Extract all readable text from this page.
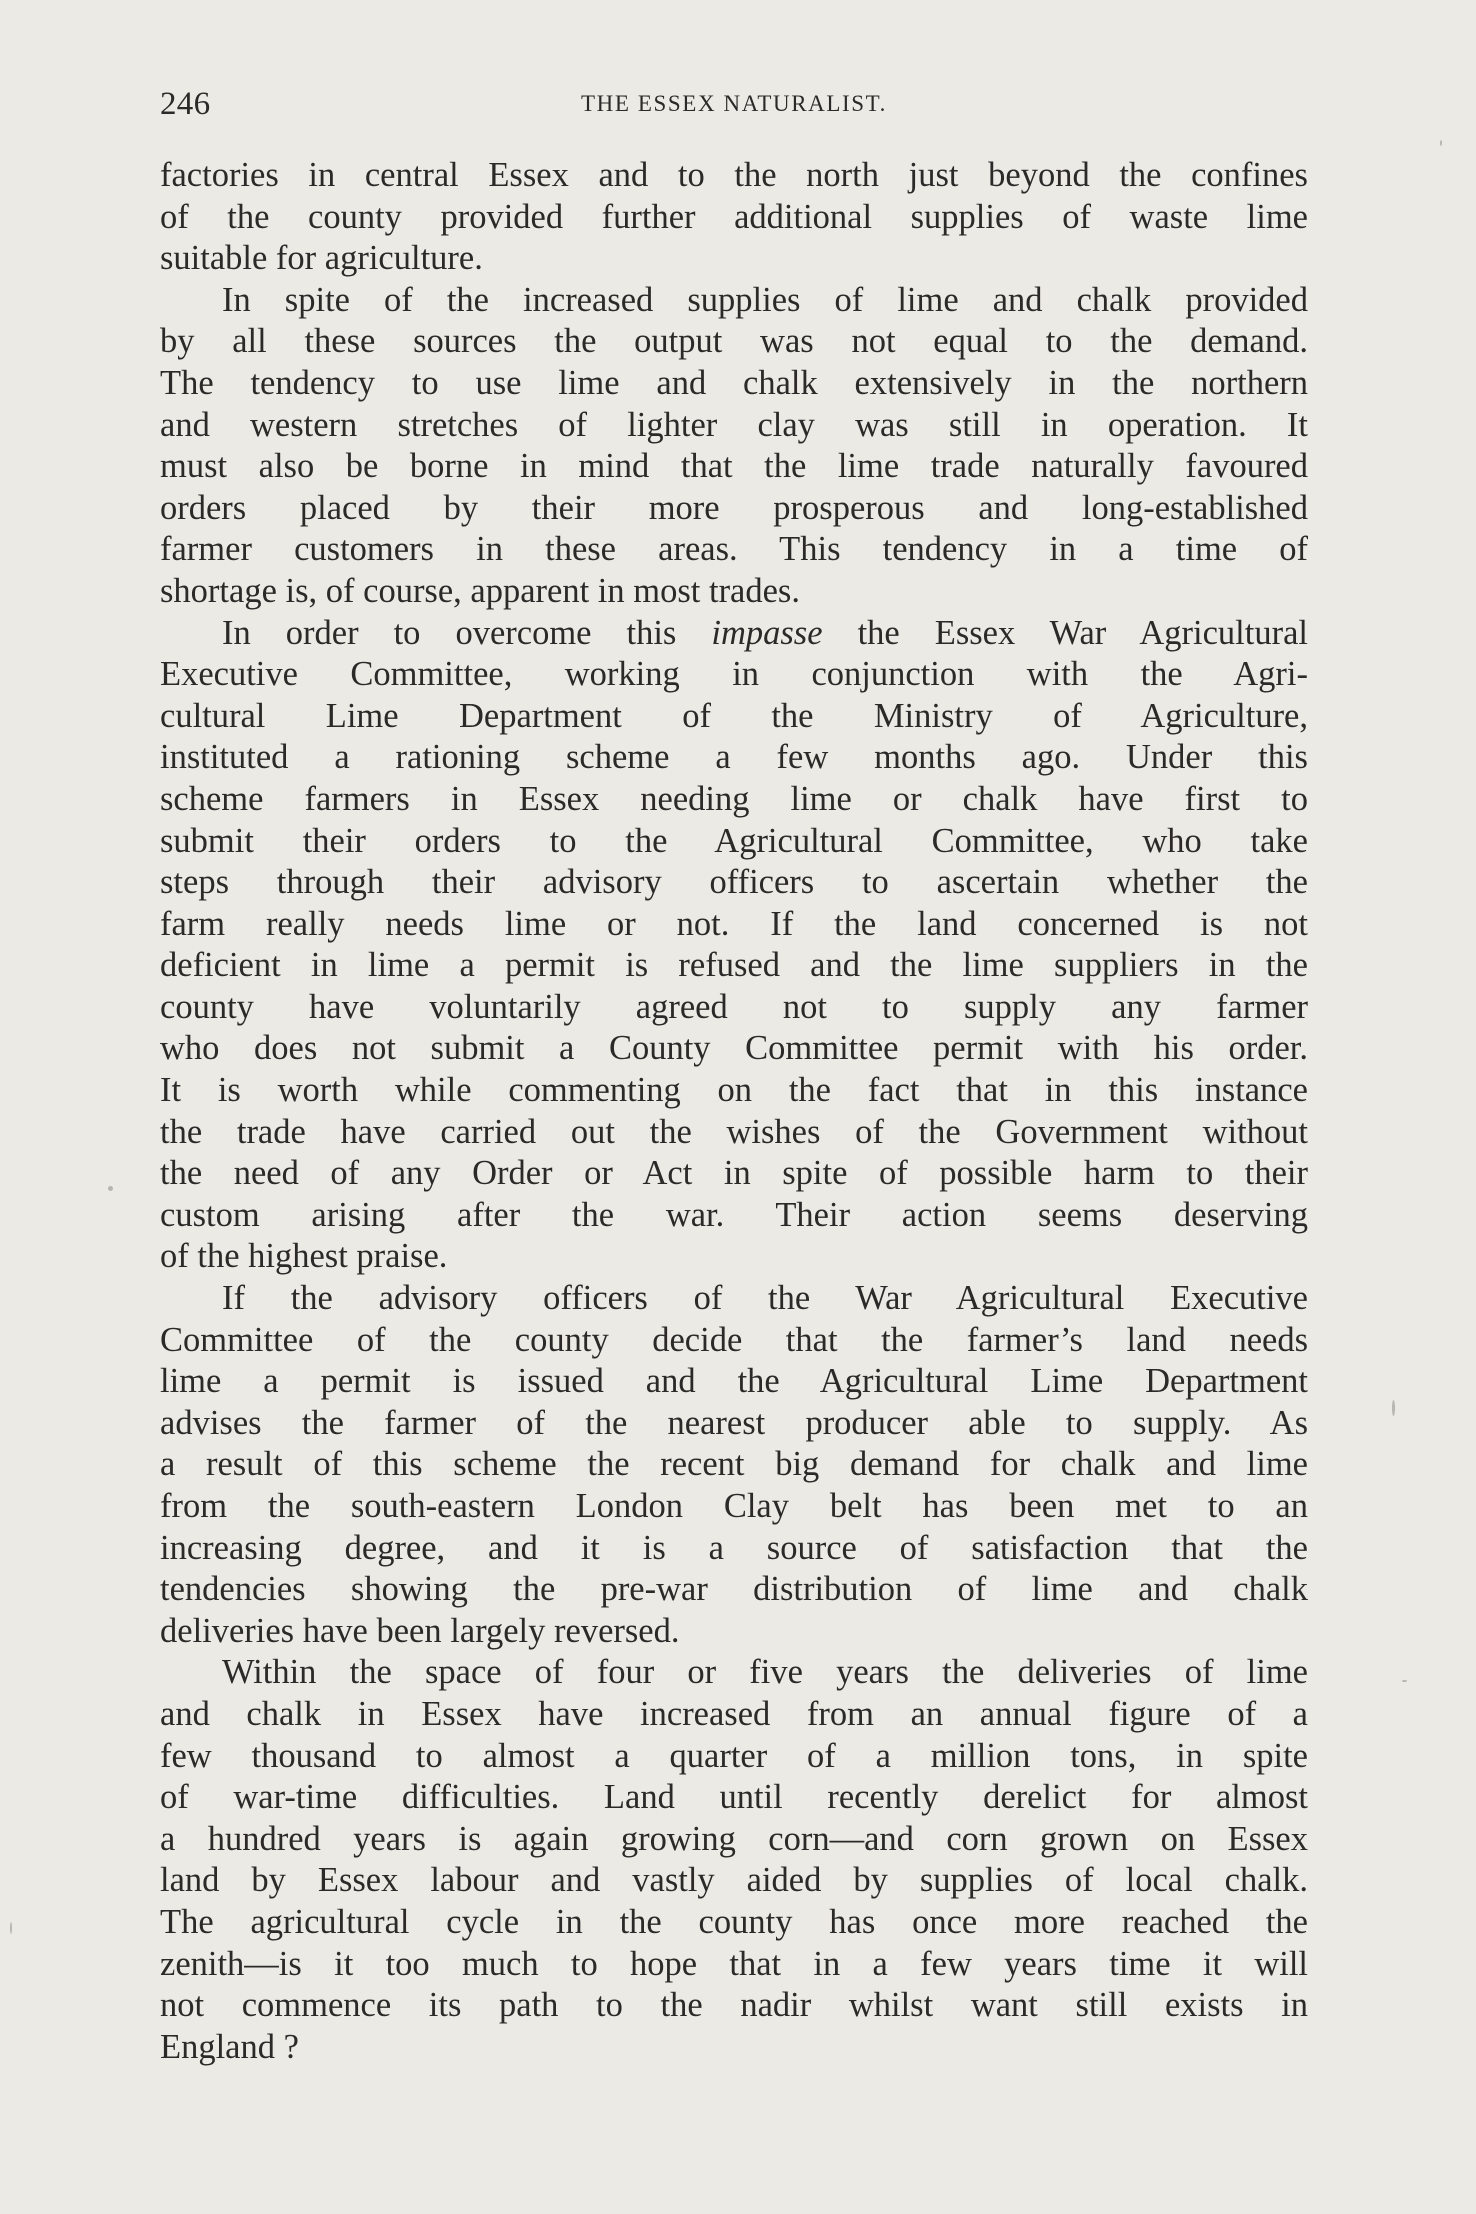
246	THE ESSEX NATURALIST.
factories in central Essex and to the north just beyond the confines
of the county provided further additional supplies of waste lime
suitable for agriculture.
In spite of the increased supplies of lime and chalk provided
by all these sources the output was not equal to the demand.
The tendency to use lime and chalk extensively in the northern
and western stretches of lighter clay was still in operation. It
must also be borne in mind that the lime trade naturally favoured
orders placed by their more prosperous and long-established
farmer customers in these areas. This tendency in a time of
shortage is, of course, apparent in most trades.
In order to overcome this impasse the Essex War Agricultural
Executive Committee, working in conjunction with the Agri-
cultural Lime Department of the Ministry of Agriculture,
instituted a rationing scheme a few months ago. Under this
scheme farmers in Essex needing lime or chalk have first to
submit their orders to the Agricultural Committee, who take
steps through their advisory officers to ascertain whether the
farm really needs lime or not. If the land concerned is not
deficient in lime a permit is refused and the lime suppliers in the
county have voluntarily agreed not to supply any farmer
who does not submit a County Committee permit with his order.
It is worth while commenting on the fact that in this instance
the trade have carried out the wishes of the Government without
the need of any Order or Act in spite of possible harm to their
custom arising after the war. Their action seems deserving
of the highest praise.
If the advisory officers of the War Agricultural Executive
Committee of the county decide that the farmer’s land needs
lime a permit is issued and the Agricultural Lime Department
advises the farmer of the nearest producer able to supply. As
a result of this scheme the recent big demand for chalk and lime
from the south-eastern London Clay belt has been met to an
increasing degree, and it is a source of satisfaction that the
tendencies showing the pre-war distribution of lime and chalk
deliveries have been largely reversed.
Within the space of four or five years the deliveries of lime
and chalk in Essex have increased from an annual figure of a
few thousand to almost a quarter of a million tons, in spite
of war-time difficulties. Land until recently derelict for almost
a hundred years is again growing corn—and corn grown on Essex
land by Essex labour and vastly aided by supplies of local chalk.
The agricultural cycle in the county has once more reached the
zenith—is it too much to hope that in a few years time it will
not commence its path to the nadir whilst want still exists in
England ?
